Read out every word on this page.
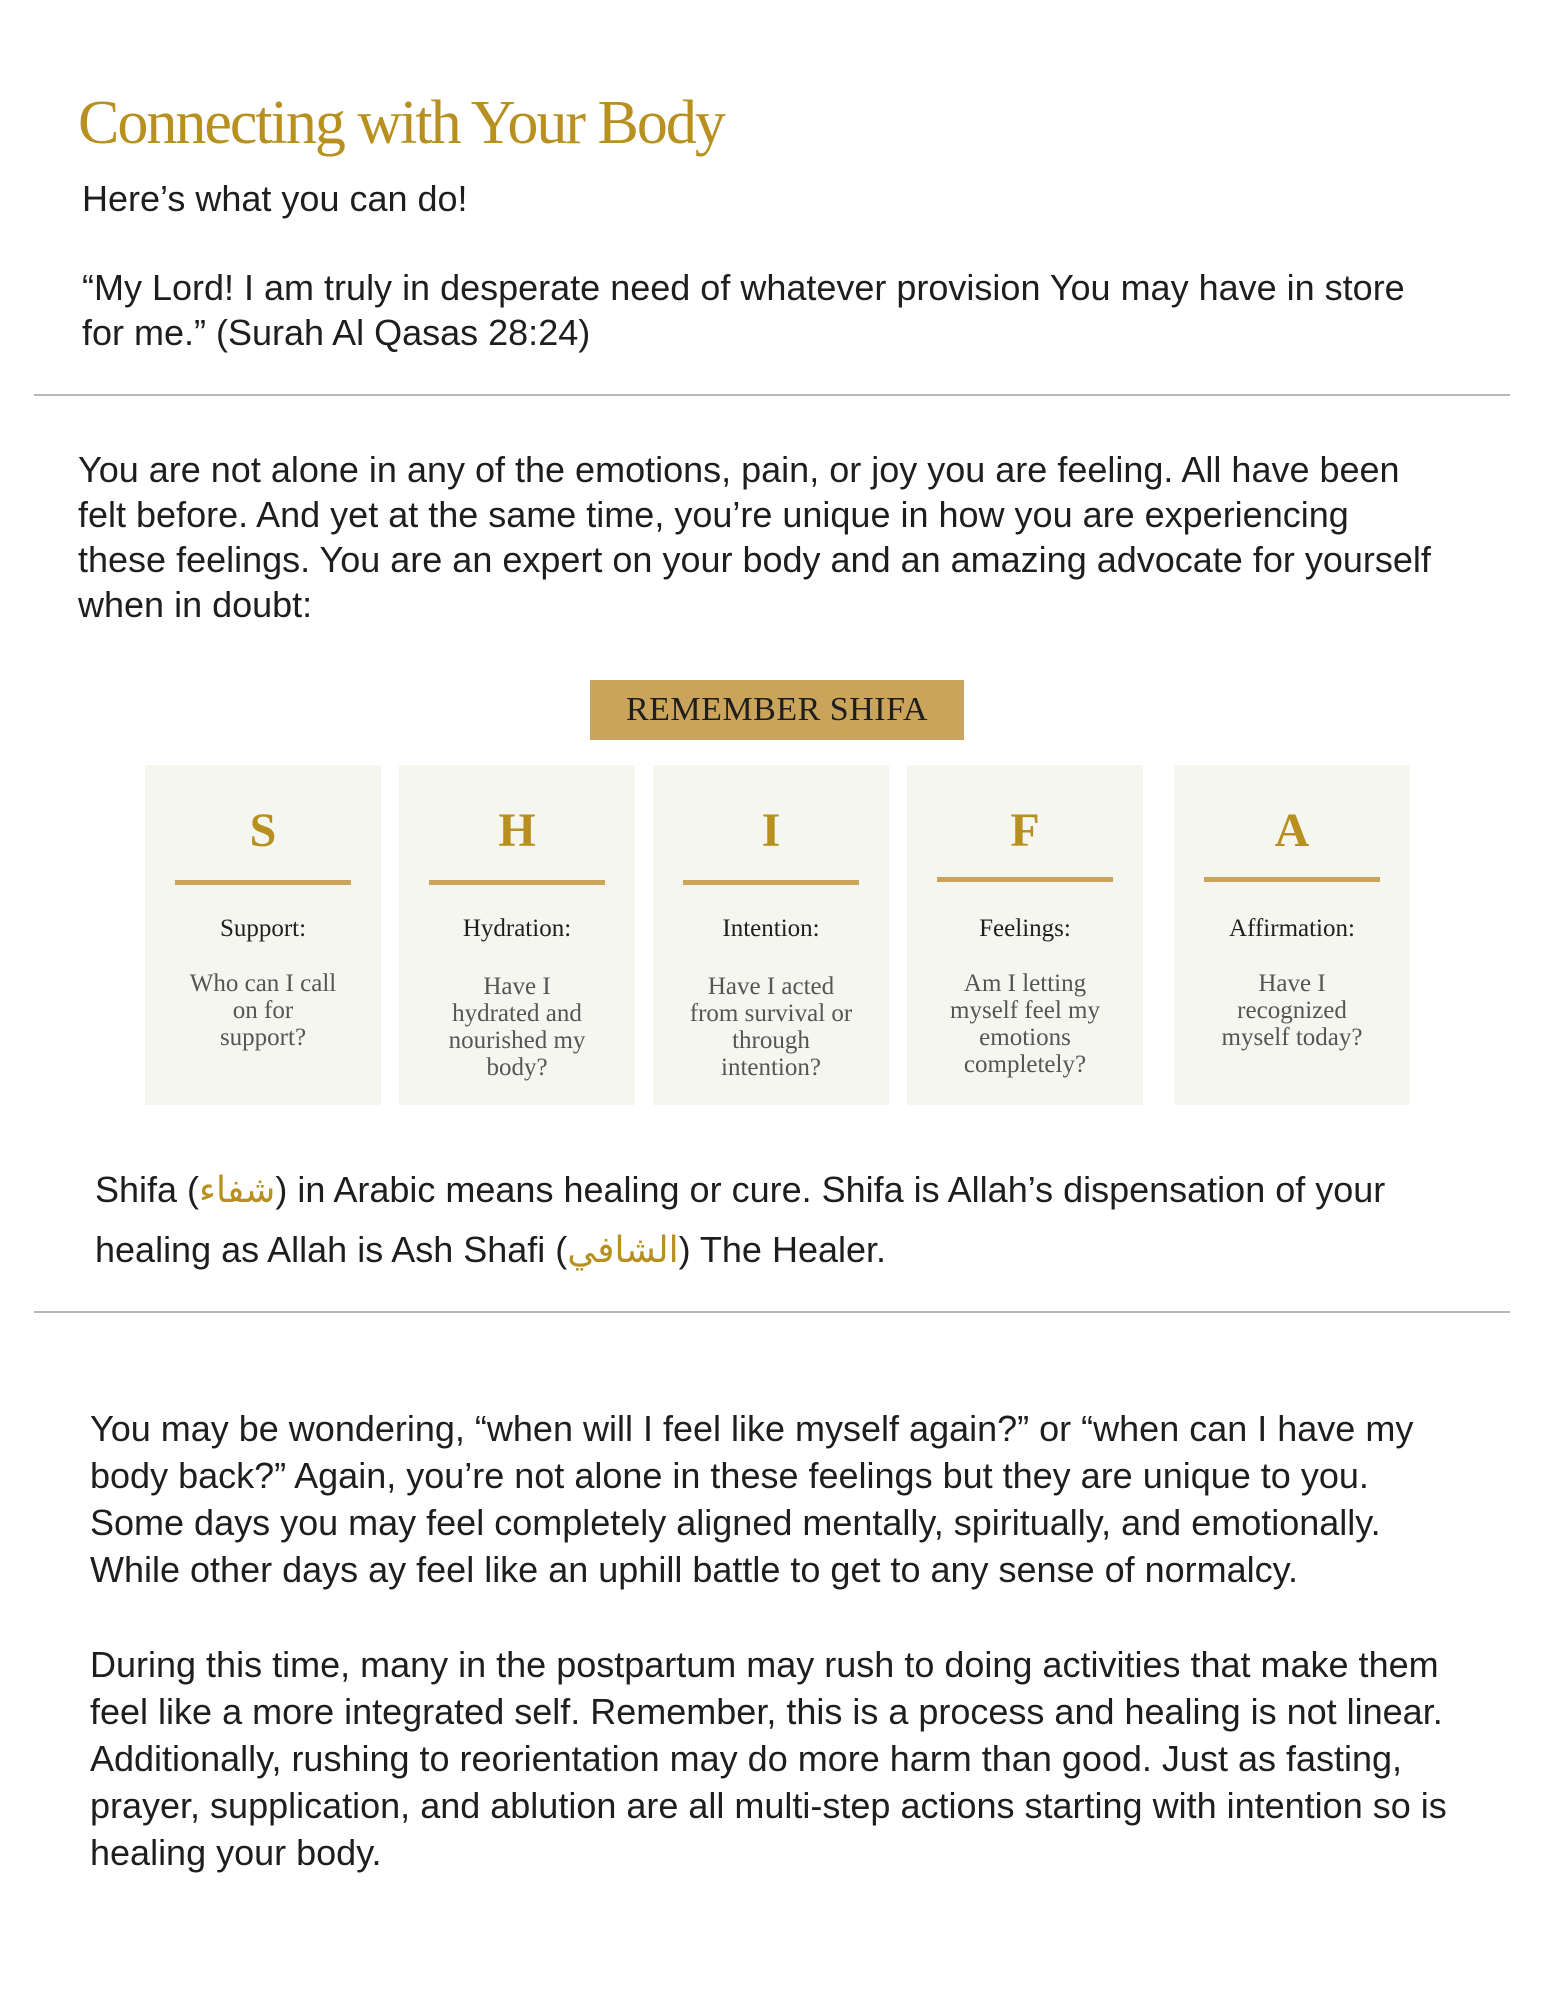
Connecting with Your Body

Here’s what you can do!

“My Lord! I am truly in desperate need of whatever provision You may have in store
for me.” (Surah Al Qasas 28:24)
You are not alone in any of the emotions, pain, or joy you are feeling. All have been
felt before. And yet at the same time, you’re unique in how you are experiencing
these feelings. You are an expert on your body and an amazing advocate for yourself
when in doubt:
REMEMBER SHIFA
S
Support:
Who can I call
on for
support?
H
Hydration:
Have I
hydrated and
nourished my
body?
I
Intention:
Have I acted
from survival or
through
intention?
F
Feelings:
Am I letting
myself feel my
emotions
completely?
A
Affirmation:
Have I
recognized
myself today?
Shifa (شفاء) in Arabic means healing or cure. Shifa is Allah’s dispensation of your
healing as Allah is Ash Shafi (الشافي) The Healer.
You may be wondering, “when will I feel like myself again?” or “when can I have my
body back?” Again, you’re not alone in these feelings but they are unique to you.
Some days you may feel completely aligned mentally, spiritually, and emotionally.
While other days ay feel like an uphill battle to get to any sense of normalcy.
During this time, many in the postpartum may rush to doing activities that make them
feel like a more integrated self. Remember, this is a process and healing is not linear.
Additionally, rushing to reorientation may do more harm than good. Just as fasting,
prayer, supplication, and ablution are all multi-step actions starting with intention so is
healing your body.
